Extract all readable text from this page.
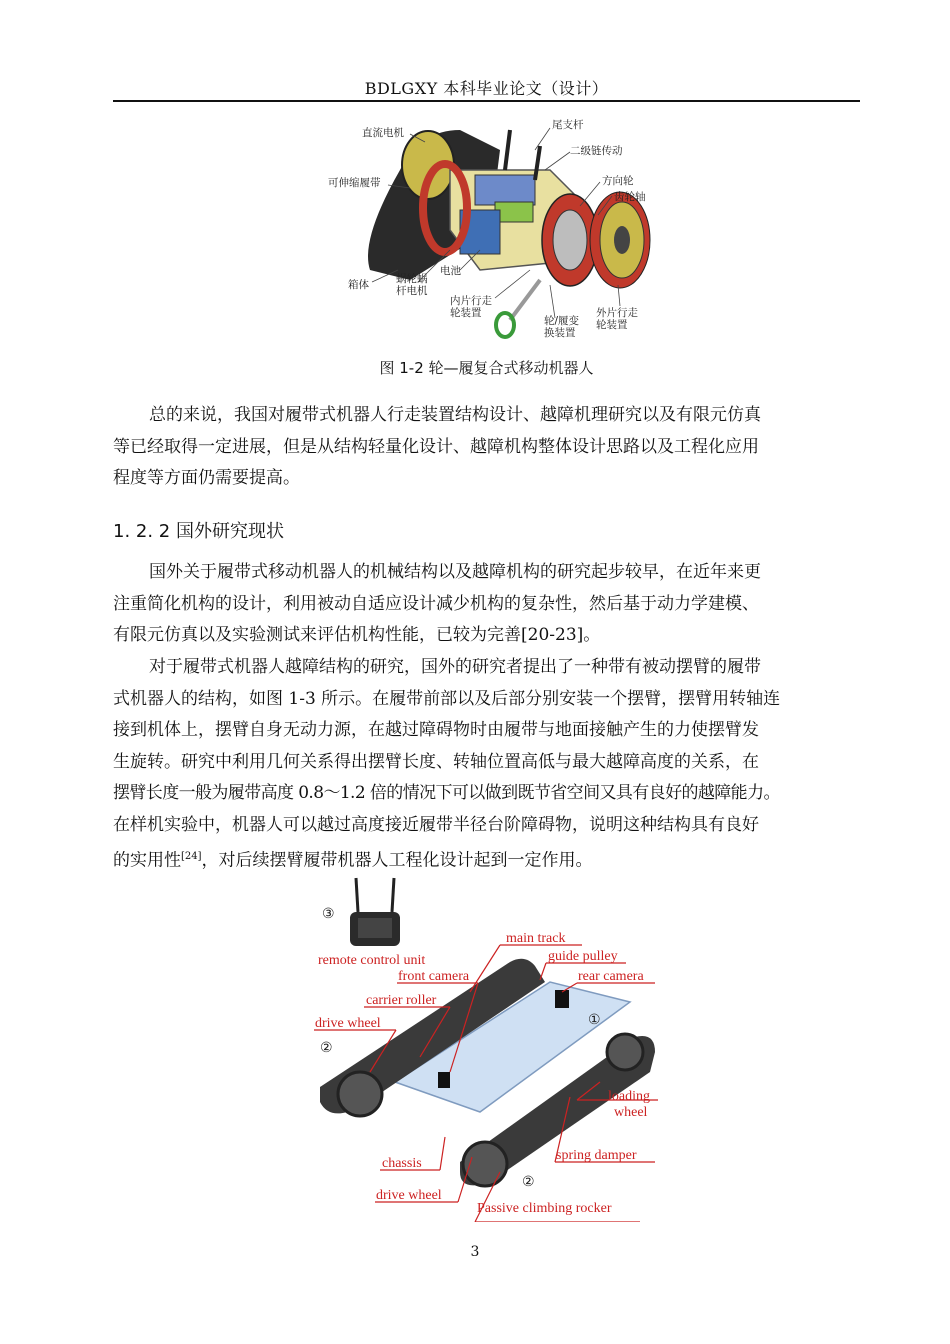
BDLGXY 本科毕业论文（设计）
直流电机
可伸缩履带
箱体	蜗轮蜗
杆电机
电池
尾支杆
二级链传动
方向轮
齿轮轴
内片行走
轮装置
轮/履变
换装置
外片行走
轮装置
图 1-2 轮—履复合式移动机器人
总的来说，我国对履带式机器人行走装置结构设计、越障机理研究以及有限元仿真
等已经取得一定进展，但是从结构轻量化设计、越障机构整体设计思路以及工程化应用
程度等方面仍需要提高。
1. 2. 2 国外研究现状
国外关于履带式移动机器人的机械结构以及越障机构的研究起步较早，在近年来更
注重简化机构的设计，利用被动自适应设计减少机构的复杂性，然后基于动力学建模、
有限元仿真以及实验测试来评估机构性能，已较为完善[20-23]。
对于履带式机器人越障结构的研究，国外的研究者提出了一种带有被动摆臂的履带
式机器人的结构，如图 1-3 所示。在履带前部以及后部分别安装一个摆臂，摆臂用转轴连
接到机体上，摆臂自身无动力源，在越过障碍物时由履带与地面接触产生的力使摆臂发
生旋转。研究中利用几何关系得出摆臂长度、转轴位置高低与最大越障高度的关系，在
摆臂长度一般为履带高度 0.8～1.2 倍的情况下可以做到既节省空间又具有良好的越障能力。
在样机实验中，机器人可以越过高度接近履带半径台阶障碍物，说明这种结构具有良好
的实用性[24]，对后续摆臂履带机器人工程化设计起到一定作用。
③
remote control unit
main track
guide pulley
front camera	rear camera
carrier roller
①
drive wheel
②
loading
wheel
spring damper
chassis
②
drive wheel
Passive climbing rocker
3
